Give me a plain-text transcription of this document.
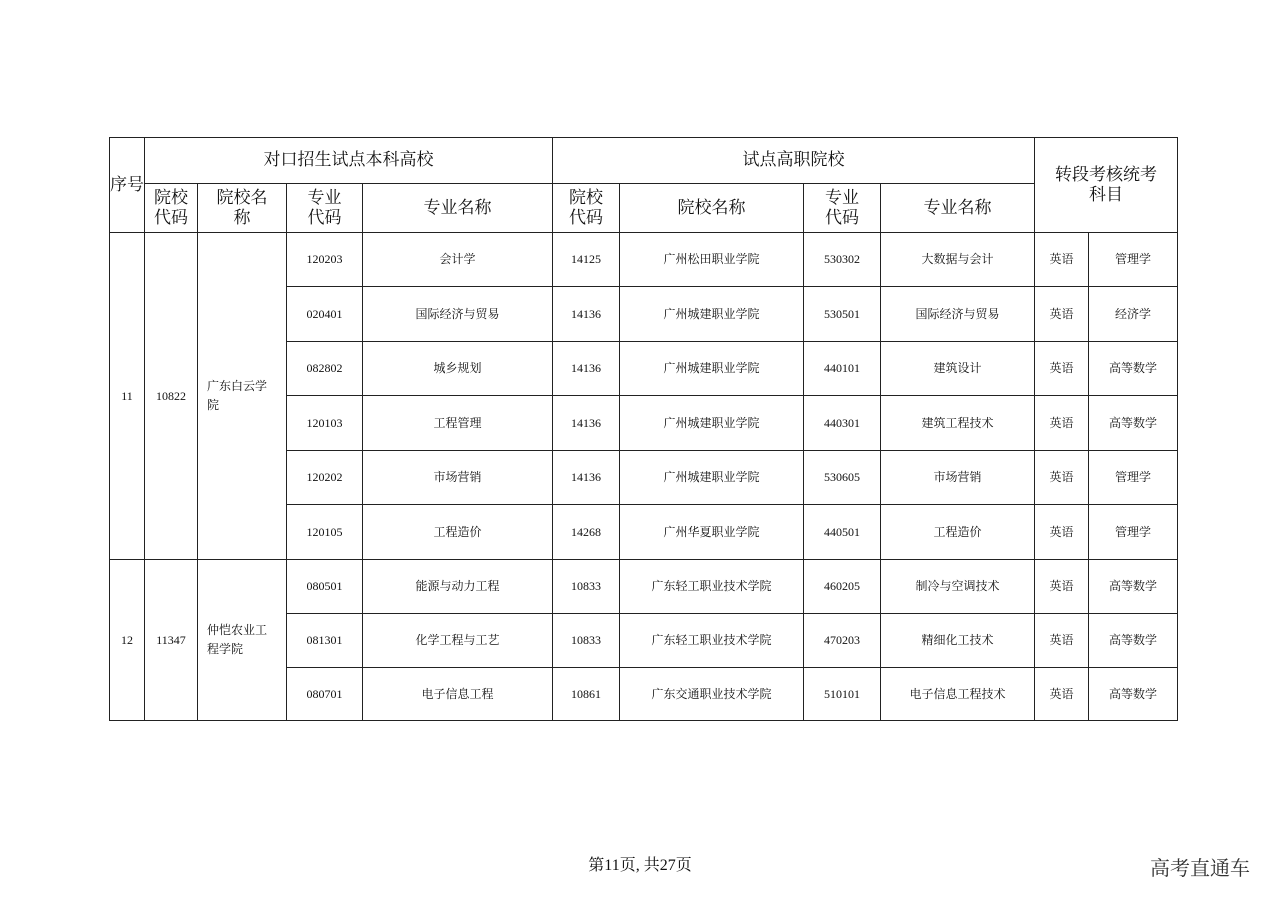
序号	对口招生试点本科高校				试点高职院校				转段考核统考科目	

	院校代码	院校名称	专业代码	专业名称	院校代码	院校名称	专业代码	专业名称		
11	10822	广东白云学院	120203	会计学	14125	广州松田职业学院	530302	大数据与会计	英语	管理学
			020401	国际经济与贸易	14136	广州城建职业学院	530501	国际经济与贸易	英语	经济学
			082802	城乡规划	14136	广州城建职业学院	440101	建筑设计	英语	高等数学
			120103	工程管理	14136	广州城建职业学院	440301	建筑工程技术	英语	高等数学
			120202	市场营销	14136	广州城建职业学院	530605	市场营销	英语	管理学
			120105	工程造价	14268	广州华夏职业学院	440501	工程造价	英语	管理学
12	11347	仲恺农业工程学院	080501	能源与动力工程	10833	广东轻工职业技术学院	460205	制冷与空调技术	英语	高等数学
			081301	化学工程与工艺	10833	广东轻工职业技术学院	470203	精细化工技术	英语	高等数学
			080701	电子信息工程	10861	广东交通职业技术学院	510101	电子信息工程技术	英语	高等数学
第11页, 共27页	高考直通车
